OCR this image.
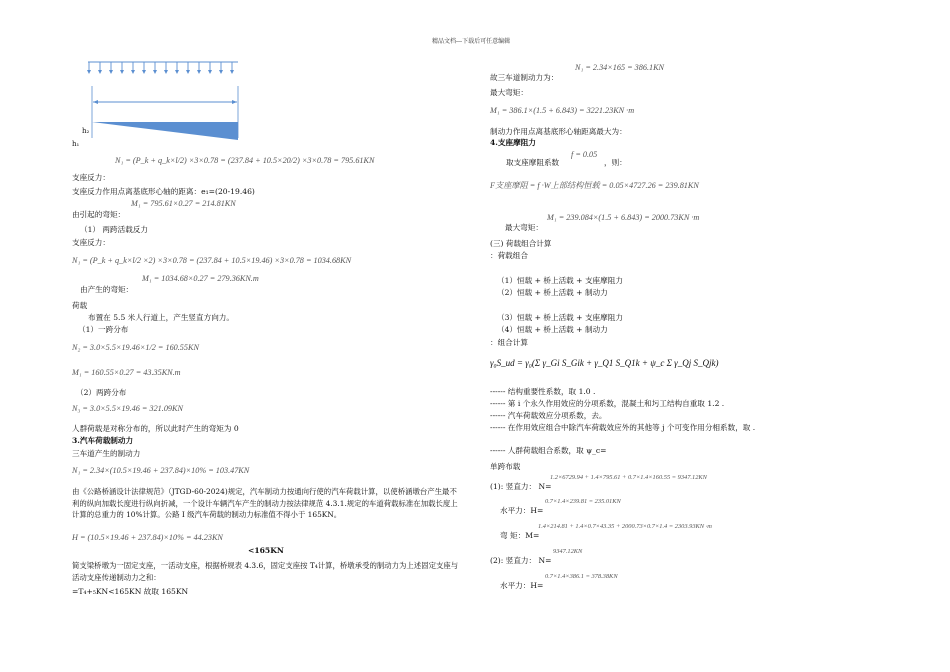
精品文档---下载后可任意编辑
h₂
h₁
N₁ = (P_k + q_k×l/2) ×3×0.78 = (237.84 + 10.5×20/2) ×3×0.78 = 795.61KN
支座反力：
支座反力作用点离基底形心轴的距离：e₁=(20-19.46)
M₁ = 795.61×0.27 = 214.81KN
由引起的弯矩：
（1） 两跨活载反力
支座反力：
N₁ = (P_k + q_k×l/2 ×2) ×3×0.78 = (237.84 + 10.5×19.46) ×3×0.78 = 1034.68KN
M₁ = 1034.68×0.27 = 279.36KN.m
由产生的弯矩：
荷载
布置在 5.5 米人行道上，产生竖直方向力。
（1）一跨分布
N₂ = 3.0×5.5×19.46×1/2 = 160.55KN
M₁ = 160.55×0.27 = 43.35KN.m
（2）两跨分布
N₃ = 3.0×5.5×19.46 = 321.09KN
人群荷载是对称分布的，所以此时产生的弯矩为 0
3.汽车荷载制动力
三车道产生的制动力
N₁ = 2.34×(10.5×19.46 + 237.84)×10% = 103.47KN
由《公路桥涵设计法律规范》（JTGD-60-2024)规定，汽车制动力按通向行使的汽车荷载计算，以使桥涵墩台产生最不利的纵向加载长度进行纵向折减，一个设计车辆汽车产生的制动力按法律规范 4.3.1.规定的车道荷载标准在加载长度上计算的总重力的 10%计算。公路 I 级汽车荷载的制动力标准值不得小于 165KN。
H = (10.5×19.46 + 237.84)×10% = 44.23KN
<165KN
简支梁桥墩为一固定支座，一活动支座，根据桥规表 4.3.6，固定支座按 T₄计算，桥墩承受的制动力为上述固定支座与活动支座传递制动力之和：
=T₄+₅KN<165KN 故取 165KN
N₁ = 2.34×165 = 386.1KN
故三车道制动力为：
最大弯矩：
M₁ = 386.1×(1.5 + 6.843) = 3221.23KN ·m
制动力作用点离基底形心轴距离最大为：
4.支座摩阻力
取支座摩阻系数
f = 0.05
，则：
F支座摩阻 = f ·W上部结构恒载 = 0.05×4727.26 = 239.81KN
M₁ = 239.084×(1.5 + 6.843) = 2000.73KN ·m
最大弯矩：
(三) 荷载组合计算
：荷载组合
（1）恒载 + 桥上活载 + 支座摩阻力
（2）恒载 + 桥上活载 + 制动力
（3）恒载 + 桥上活载 + 支座摩阻力
（4）恒载 + 桥上活载 + 制动力
：组合计算
γ₀S_ud = γ₀(Σ γ_Gi S_Gik + γ_Q1 S_Q1k + ψ_c Σ γ_Qj S_Qjk)
------ 结构重要性系数，取 1.0 .
------ 第 i 个永久作用效应的分项系数，混凝土和圬工结构自重取 1.2 .
------ 汽车荷载效应分项系数，去。
------ 在作用效应组合中除汽车荷载效应外的其他等 j 个可变作用分相系数，取 .
------ 人群荷载组合系数，取 ψ_c=
单跨布载
1.2×6729.94 + 1.4×795.61 + 0.7×1.4×160.55 = 9347.12KN
(1): 竖直力： N=
0.7×1.4×239.81 = 235.01KN
水平力：H=
1.4×214.81 + 1.4×0.7×43.35 + 2000.73×0.7×1.4 = 2303.93KN ·m
弯 矩：M=
9347.12KN
(2): 竖直力： N=
0.7×1.4×386.1 = 378.38KN
水平力：H=
